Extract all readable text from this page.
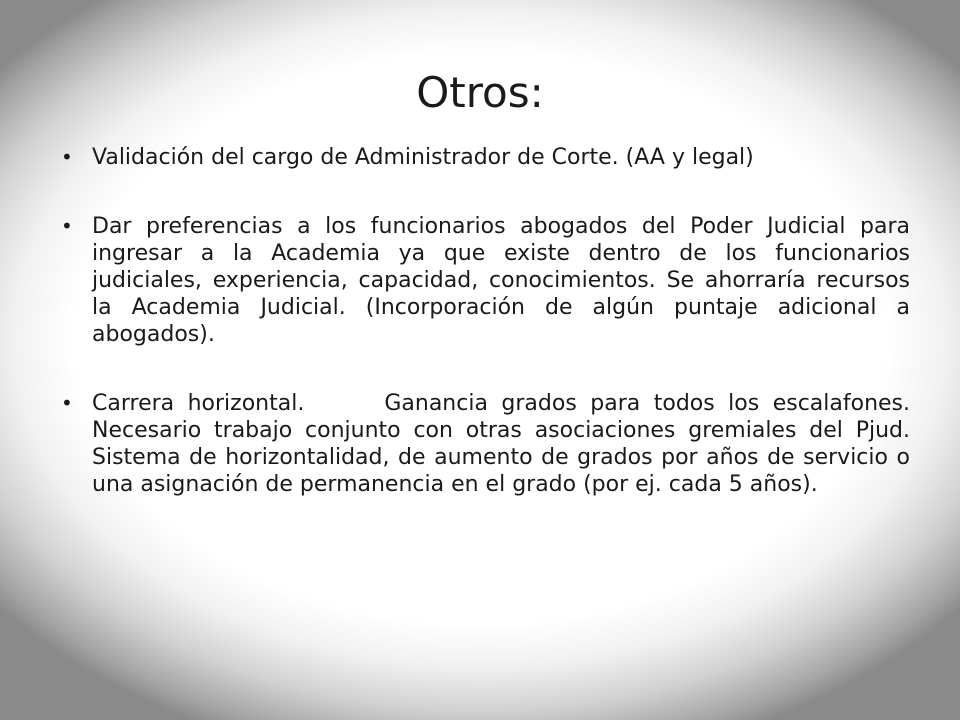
Otros:
• Validación del cargo de Administrador de Corte. (AA y legal)
• Dar preferencias a los funcionarios abogados del Poder Judicial para ingresar a la Academia ya que existe dentro de los funcionarios judiciales, experiencia, capacidad, conocimientos. Se ahorraría recursos la Academia Judicial. (Incorporación de algún puntaje adicional a abogados).
• Carrera horizontal.	Ganancia grados para todos los escalafones. Necesario trabajo conjunto con otras asociaciones gremiales del Pjud. Sistema de horizontalidad, de aumento de grados por años de servicio o una asignación de permanencia en el grado (por ej. cada 5 años).
